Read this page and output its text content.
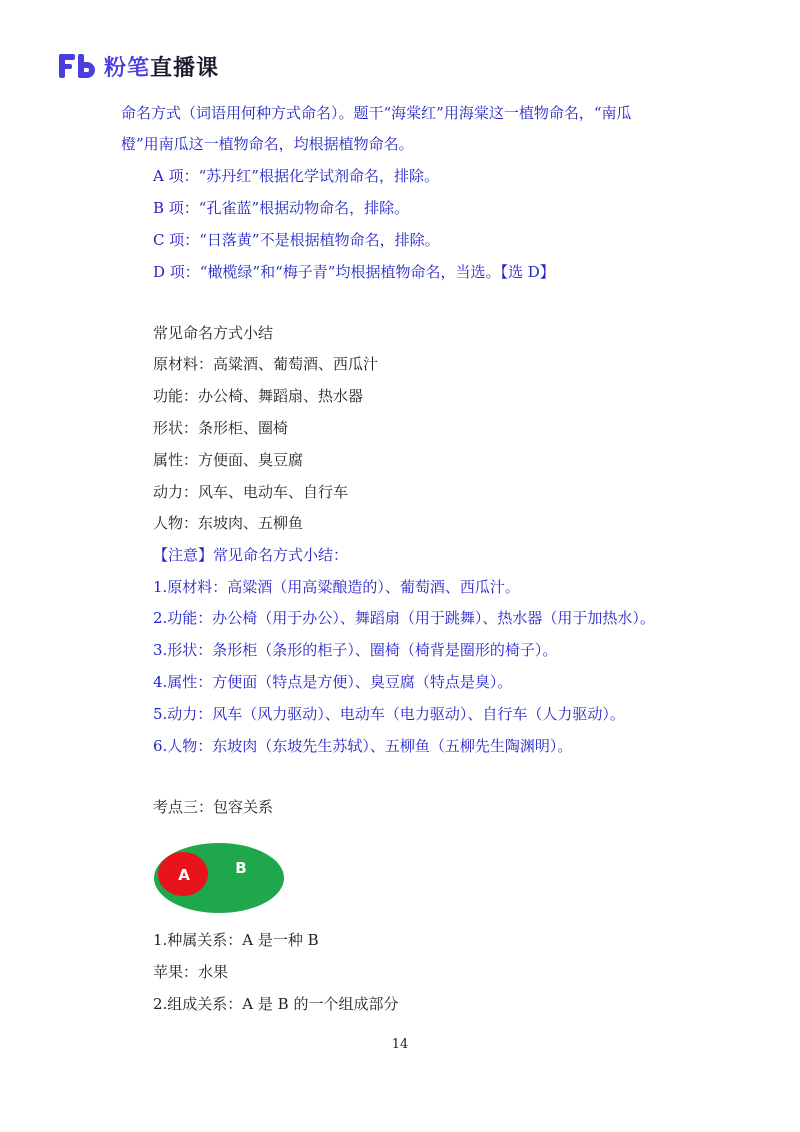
粉笔 直播课
命名方式（词语用何种方式命名）。题干“海棠红”用海棠这一植物命名，“南瓜
橙”用南瓜这一植物命名，均根据植物命名。
A 项：“苏丹红”根据化学试剂命名，排除。
B 项：“孔雀蓝”根据动物命名，排除。
C 项：“日落黄”不是根据植物命名，排除。
D 项：“橄榄绿”和“梅子青”均根据植物命名，当选。【选 D】
常见命名方式小结
原材料：高粱酒、葡萄酒、西瓜汁
功能：办公椅、舞蹈扇、热水器
形状：条形柜、圈椅
属性：方便面、臭豆腐
动力：风车、电动车、自行车
人物：东坡肉、五柳鱼
【注意】常见命名方式小结：
1.原材料：高粱酒（用高粱酿造的）、葡萄酒、西瓜汁。
2.功能：办公椅（用于办公）、舞蹈扇（用于跳舞）、热水器（用于加热水）。
3.形状：条形柜（条形的柜子）、圈椅（椅背是圈形的椅子）。
4.属性：方便面（特点是方便）、臭豆腐（特点是臭）。
5.动力：风车（风力驱动）、电动车（电力驱动）、自行车（人力驱动）。
6.人物：东坡肉（东坡先生苏轼）、五柳鱼（五柳先生陶渊明）。
考点三：包容关系
A	B
1.种属关系：A 是一种 B
苹果：水果
2.组成关系：A 是 B 的一个组成部分
14
